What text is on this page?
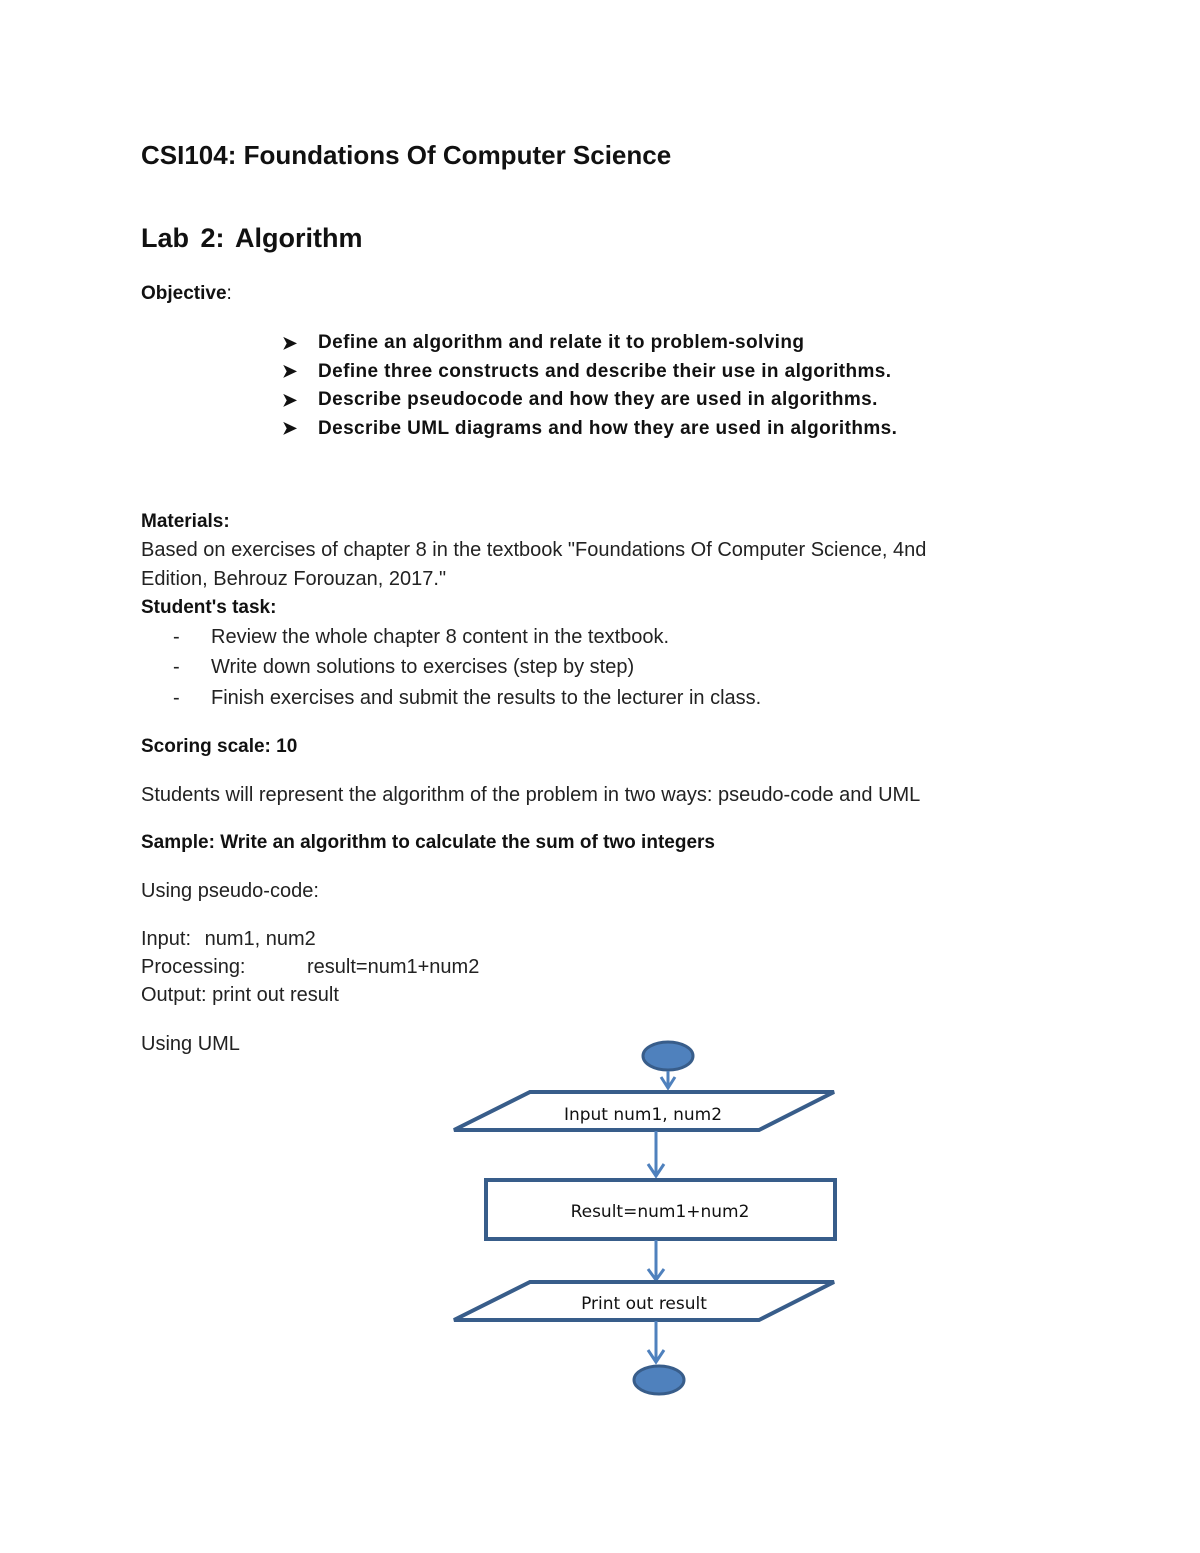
CSI104: Foundations Of Computer Science
Lab 2: Algorithm
Objective:
➤	Define an algorithm and relate it to problem-solving
➤	Define three constructs and describe their use in algorithms.
➤	Describe pseudocode and how they are used in algorithms.
➤	Describe UML diagrams and how they are used in algorithms.
Materials:
Based on exercises of chapter 8 in the textbook "Foundations Of Computer Science, 4nd
Edition, Behrouz Forouzan, 2017."
Student's task:
-	Review the whole chapter 8 content in the textbook.
-	Write down solutions to exercises (step by step)
-	Finish exercises and submit the results to the lecturer in class.
Scoring scale: 10
Students will represent the algorithm of the problem in two ways: pseudo-code and UML
Sample: Write an algorithm to calculate the sum of two integers
Using pseudo-code:
Input: num1, num2
Processing:	result=num1+num2
Output: print out result
Using UML
Input num1, num2
Result=num1+num2
Print out result
